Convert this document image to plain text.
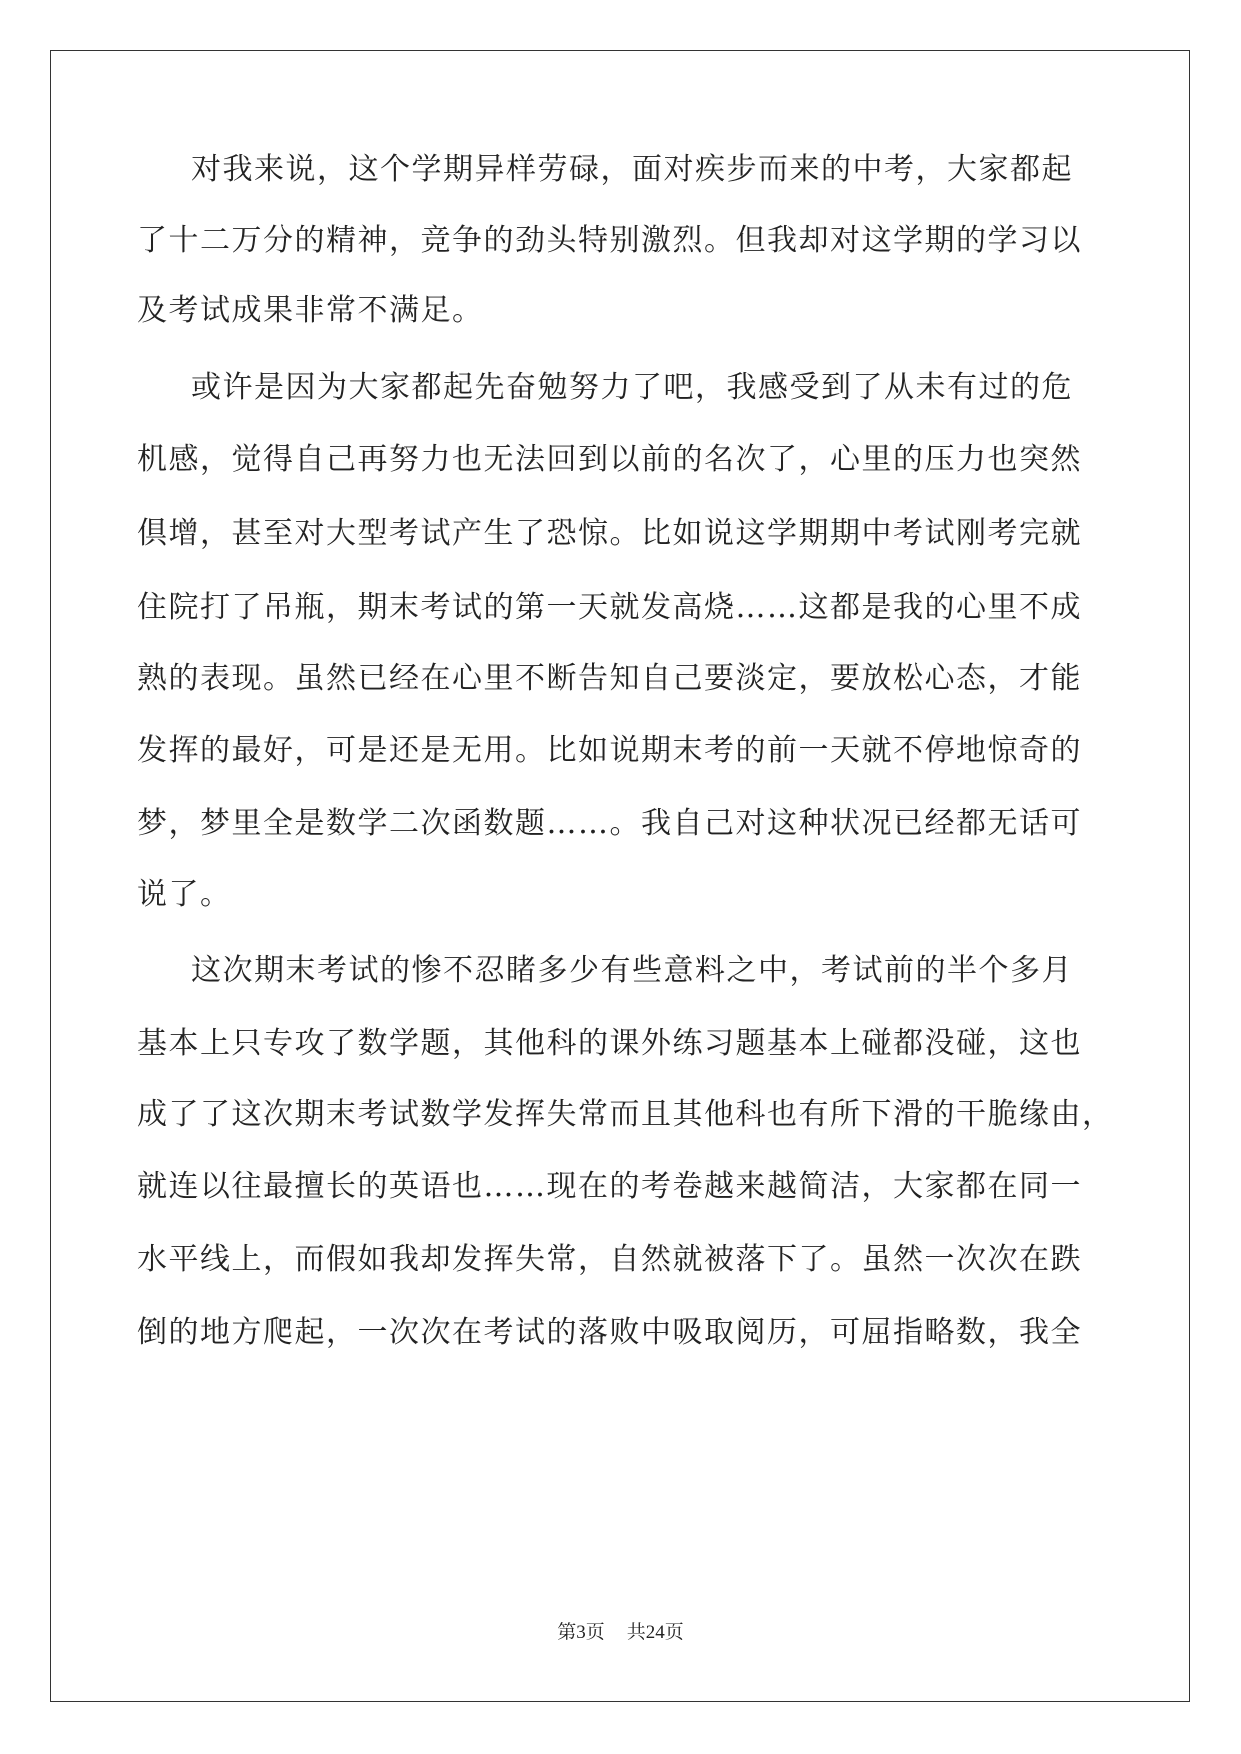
对我来说，这个学期异样劳碌，面对疾步而来的中考，大家都起
了十二万分的精神，竞争的劲头特别激烈。但我却对这学期的学习以
及考试成果非常不满足。
或许是因为大家都起先奋勉努力了吧，我感受到了从未有过的危
机感，觉得自己再努力也无法回到以前的名次了，心里的压力也突然
倶增，甚至对大型考试产生了恐惊。比如说这学期期中考试刚考完就
住院打了吊瓶，期末考试的第一天就发高烧……这都是我的心里不成
熟的表现。虽然已经在心里不断告知自己要淡定，要放松心态，才能
发挥的最好，可是还是无用。比如说期末考的前一天就不停地惊奇的
梦，梦里全是数学二次函数题……。我自己对这种状况已经都无话可
说了。
这次期末考试的惨不忍睹多少有些意料之中，考试前的半个多月
基本上只专攻了数学题，其他科的课外练习题基本上碰都没碰，这也
成了了这次期末考试数学发挥失常而且其他科也有所下滑的干脆缘由，
就连以往最擅长的英语也……现在的考卷越来越简洁，大家都在同一
水平线上，而假如我却发挥失常，自然就被落下了。虽然一次次在跌
倒的地方爬起，一次次在考试的落败中吸取阅历，可屈指略数，我全
第3页 共24页
